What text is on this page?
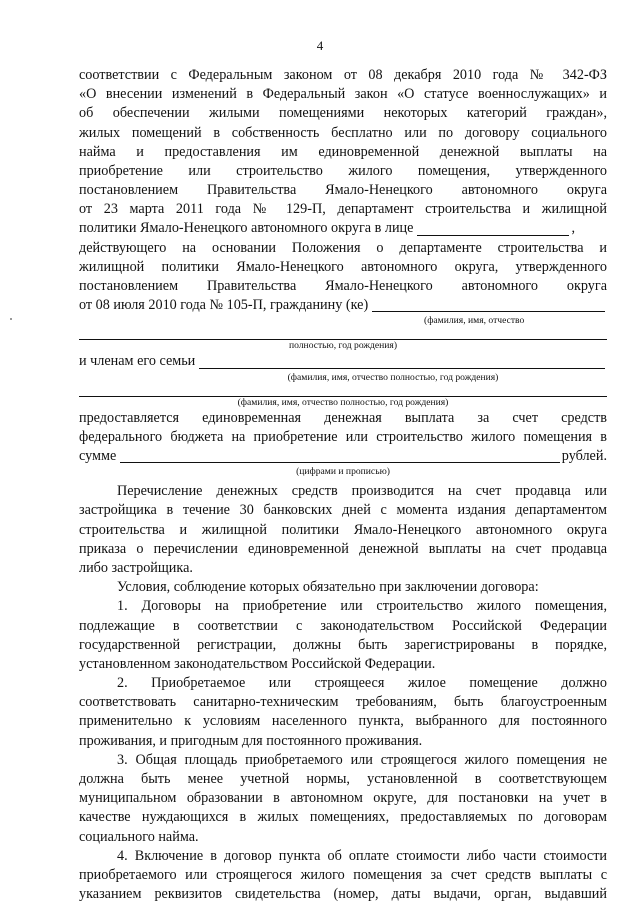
4
соответствии с Федеральным законом от 08 декабря 2010 года № 342-ФЗ
«О внесении изменений в Федеральный закон «О статусе военнослужащих» и
об обеспечении жилыми помещениями некоторых категорий граждан»,
жилых помещений в собственность бесплатно или по договору социального
найма и предоставления им единовременной денежной выплаты на
приобретение или строительство жилого помещения, утвержденного
постановлением Правительства Ямало-Ненецкого автономного округа
от 23 марта 2011 года № 129-П, департамент строительства и жилищной
политики Ямало-Ненецкого автономного округа в лице	,
действующего на основании Положения о департаменте строительства и
жилищной политики Ямало-Ненецкого автономного округа, утвержденного
постановлением Правительства Ямало-Ненецкого автономного округа
от 08 июля 2010 года № 105-П, гражданину (ке)
(фамилия, имя, отчество
полностью, год рождения)
и членам его семьи
(фамилия, имя, отчество полностью, год рождения)
(фамилия, имя, отчество полностью, год рождения)
предоставляется единовременная денежная выплата за счет средств
федерального бюджета на приобретение или строительство жилого помещения в
сумме	рублей.
(цифрами и прописью)
Перечисление денежных средств производится на счет продавца или
застройщика в течение 30 банковских дней с момента издания департаментом
строительства и жилищной политики Ямало-Ненецкого автономного округа
приказа о перечислении единовременной денежной выплаты на счет продавца
либо застройщика.
Условия, соблюдение которых обязательно при заключении договора:
1. Договоры на приобретение или строительство жилого помещения,
подлежащие в соответствии с законодательством Российской Федерации
государственной регистрации, должны быть зарегистрированы в порядке,
установленном законодательством Российской Федерации.
2. Приобретаемое или строящееся жилое помещение должно
соответствовать санитарно-техническим требованиям, быть благоустроенным
применительно к условиям населенного пункта, выбранного для постоянного
проживания, и пригодным для постоянного проживания.
3. Общая площадь приобретаемого или строящегося жилого помещения не
должна быть менее учетной нормы, установленной в соответствующем
муниципальном образовании в автономном округе, для постановки на учет в
качестве нуждающихся в жилых помещениях, предоставляемых по договорам
социального найма.
4. Включение в договор пункта об оплате стоимости либо части стоимости
приобретаемого или строящегося жилого помещения за счет средств выплаты с
указанием реквизитов свидетельства (номер, даты выдачи, орган, выдавший
